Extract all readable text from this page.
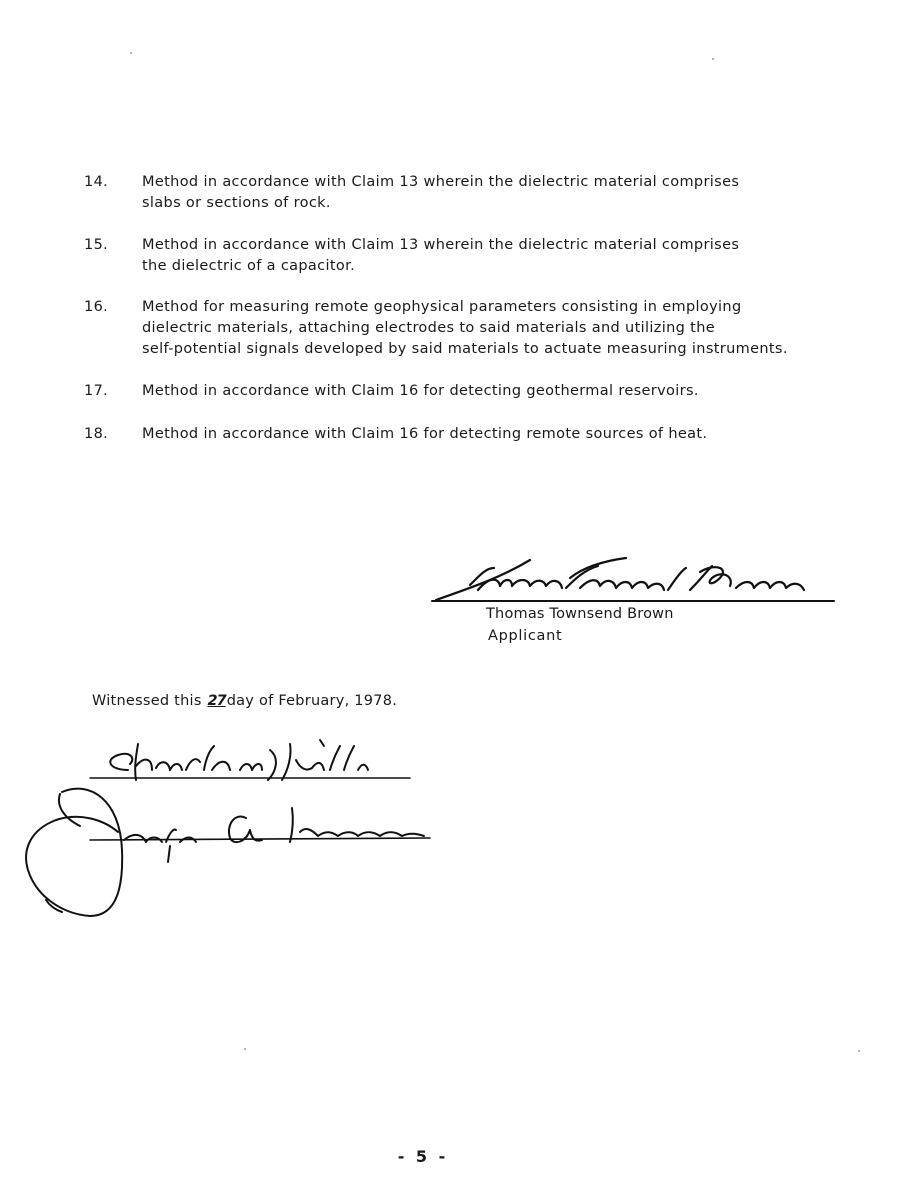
14. Method in accordance with Claim 13 wherein the dielectric material comprises
slabs or sections of rock.
15. Method in accordance with Claim 13 wherein the dielectric material comprises
the dielectric of a capacitor.
16. Method for measuring remote geophysical parameters consisting in employing
dielectric materials, attaching electrodes to said materials and utilizing the
self-potential signals developed by said materials to actuate measuring instruments.
17. Method in accordance with Claim 16 for detecting geothermal reservoirs.
18. Method in accordance with Claim 16 for detecting remote sources of heat.
Thomas Townsend Brown
Applicant
Witnessed this 27day of February, 1978.
- 5 -
